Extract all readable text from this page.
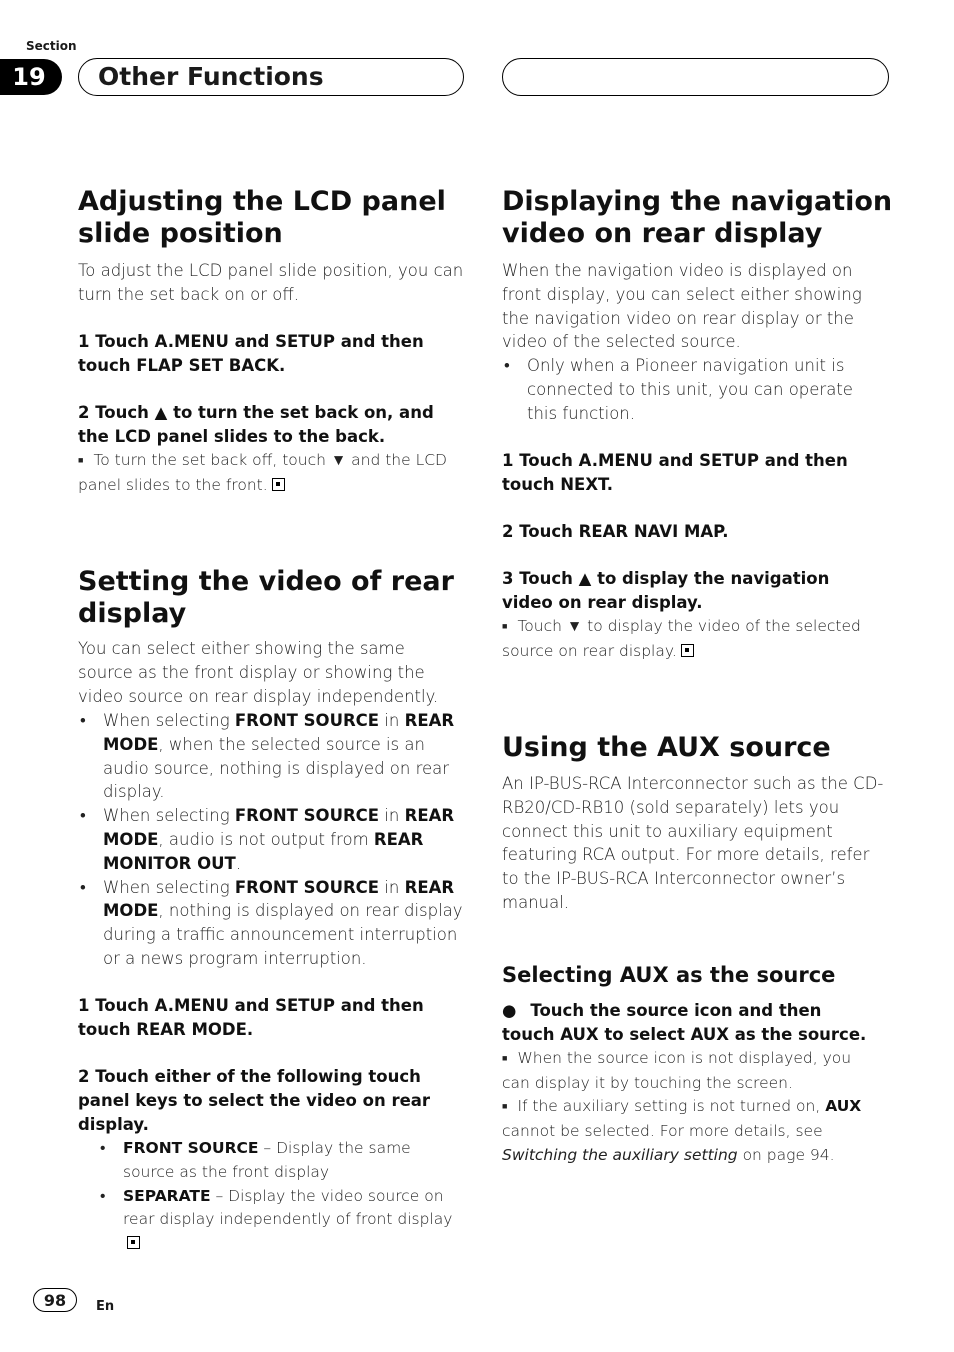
Section
19	Other Functions
Adjusting the LCD panel
slide position

To adjust the LCD panel slide position, you can turn the set back on or off.

1 Touch A.MENU and SETUP and then touch FLAP SET BACK.

2 Touch ▲ to turn the set back on, and the LCD panel slides to the back.

■ To turn the set back off, touch ▼ and the LCD panel slides to the front.

Setting the video of rear
display

You can select either showing the same source as the front display or showing the video source on rear display independently.

• When selecting FRONT SOURCE in REAR MODE, when the selected source is an audio source, nothing is displayed on rear display.
• When selecting FRONT SOURCE in REAR MODE, audio is not output from REAR MONITOR OUT.
• When selecting FRONT SOURCE in REAR MODE, nothing is displayed on rear display during a traffic announcement interruption or a news program interruption.

1 Touch A.MENU and SETUP and then touch REAR MODE.

2 Touch either of the following touch panel keys to select the video on rear display.

• FRONT SOURCE – Display the same source as the front display
• SEPARATE – Display the video source on rear display independently of front display
Displaying the navigation
video on rear display

When the navigation video is displayed on front display, you can select either showing the navigation video on rear display or the video of the selected source.

• Only when a Pioneer navigation unit is connected to this unit, you can operate this function.

1 Touch A.MENU and SETUP and then touch NEXT.

2 Touch REAR NAVI MAP.

3 Touch ▲ to display the navigation video on rear display.

■ Touch ▼ to display the video of the selected source on rear display.

Using the AUX source

An IP-BUS-RCA Interconnector such as the CD-RB20/CD-RB10 (sold separately) lets you connect this unit to auxiliary equipment featuring RCA output. For more details, refer to the IP-BUS-RCA Interconnector owner’s manual.

Selecting AUX as the source

● Touch the source icon and then touch AUX to select AUX as the source.

■ When the source icon is not displayed, you can display it by touching the screen.

■ If the auxiliary setting is not turned on, AUX cannot be selected. For more details, see Switching the auxiliary setting on page 94.

98	En
